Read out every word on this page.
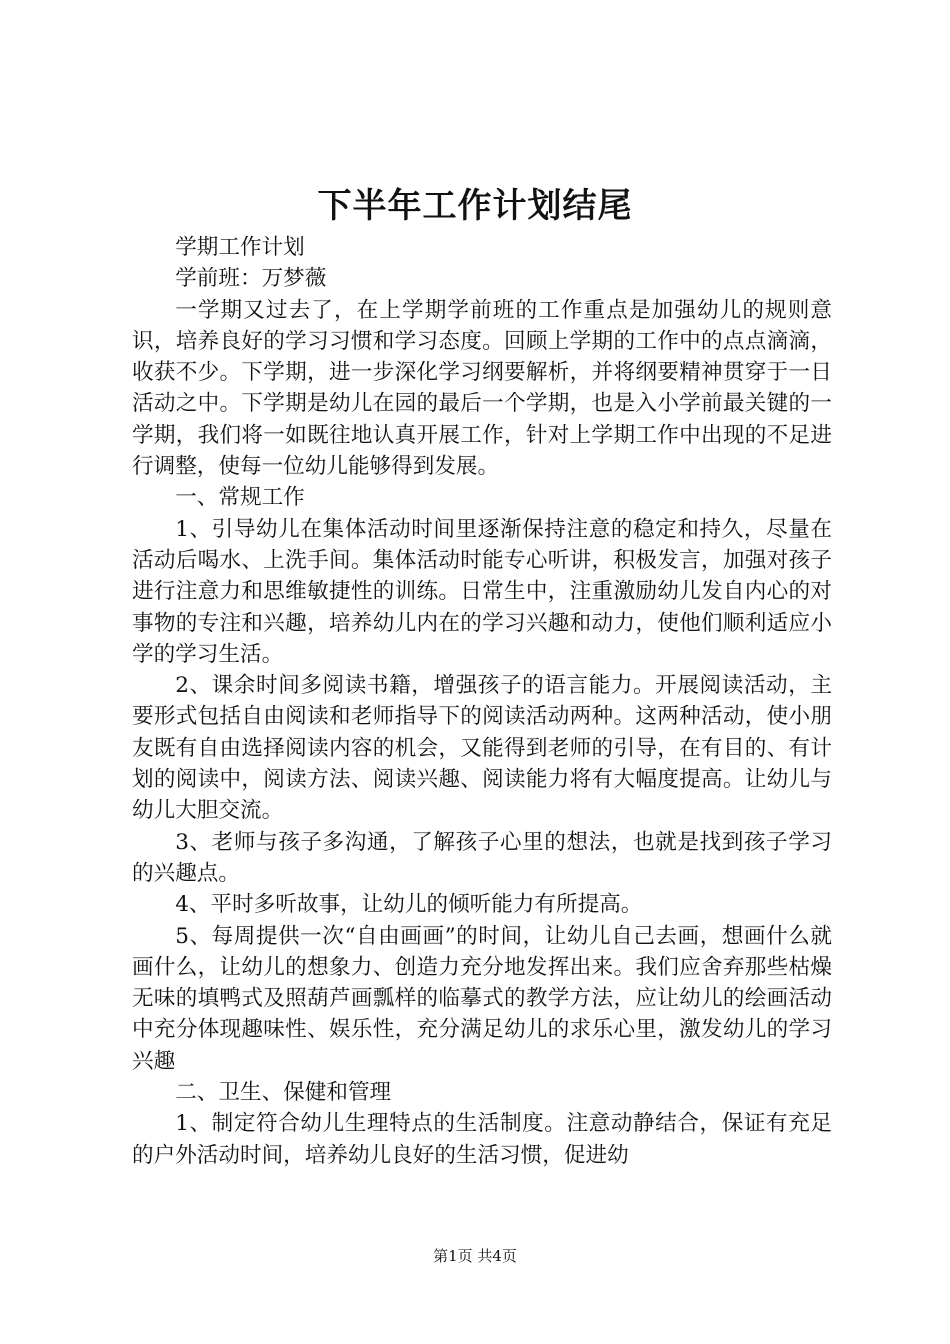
下半年工作计划结尾

学期工作计划

学前班：万梦薇

一学期又过去了，在上学期学前班的工作重点是加强幼儿的规则意识，培养良好的学习习惯和学习态度。回顾上学期的工作中的点点滴滴，收获不少。下学期，进一步深化学习纲要解析，并将纲要精神贯穿于一日活动之中。下学期是幼儿在园的最后一个学期，也是入小学前最关键的一学期，我们将一如既往地认真开展工作，针对上学期工作中出现的不足进行调整，使每一位幼儿能够得到发展。

一、常规工作

1、引导幼儿在集体活动时间里逐渐保持注意的稳定和持久，尽量在活动后喝水、上洗手间。集体活动时能专心听讲，积极发言，加强对孩子进行注意力和思维敏捷性的训练。日常生中，注重激励幼儿发自内心的对事物的专注和兴趣，培养幼儿内在的学习兴趣和动力，使他们顺利适应小学的学习生活。

2、课余时间多阅读书籍，增强孩子的语言能力。开展阅读活动，主要形式包括自由阅读和老师指导下的阅读活动两种。这两种活动，使小朋友既有自由选择阅读内容的机会，又能得到老师的引导，在有目的、有计划的阅读中，阅读方法、阅读兴趣、阅读能力将有大幅度提高。让幼儿与幼儿大胆交流。

3、老师与孩子多沟通，了解孩子心里的想法，也就是找到孩子学习的兴趣点。

4、平时多听故事，让幼儿的倾听能力有所提高。

5、每周提供一次“自由画画”的时间，让幼儿自己去画，想画什么就画什么，让幼儿的想象力、创造力充分地发挥出来。我们应舍弃那些枯燥无味的填鸭式及照葫芦画瓢样的临摹式的教学方法，应让幼儿的绘画活动中充分体现趣味性、娱乐性，充分满足幼儿的求乐心里，激发幼儿的学习兴趣

二、卫生、保健和管理

1、制定符合幼儿生理特点的生活制度。注意动静结合，保证有充足的户外活动时间，培养幼儿良好的生活习惯，促进幼

第1页 共4页
